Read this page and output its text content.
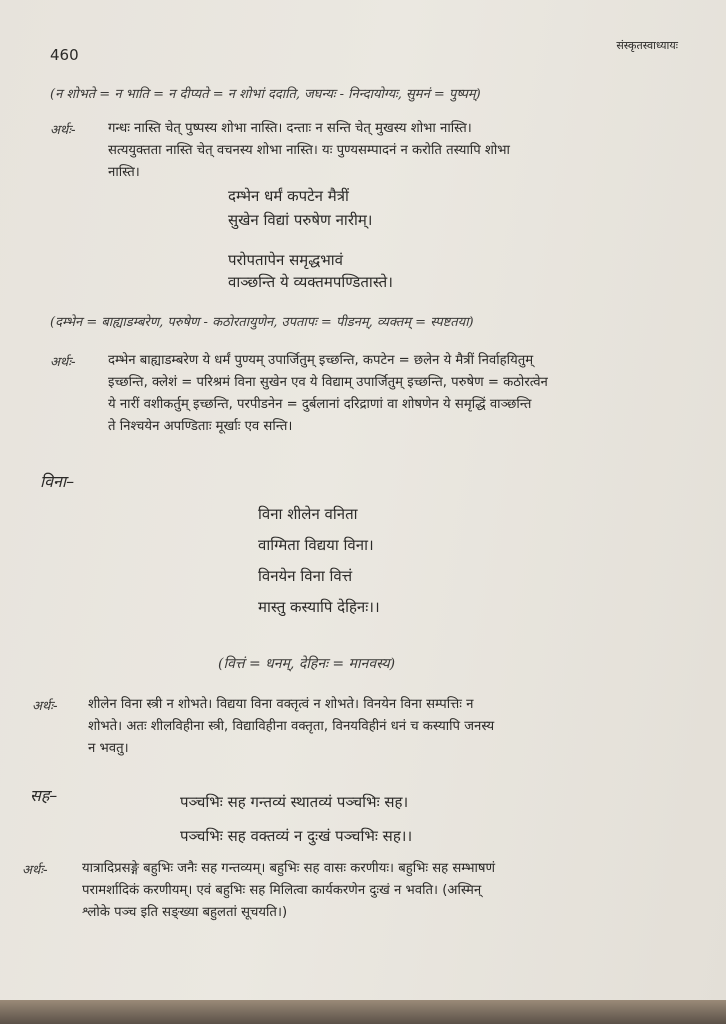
460
संस्कृतस्वाध्यायः
(न शोभते = न भाति = न दीप्यते = न शोभां ददाति, जघन्यः - निन्दायोग्यः, सुमनं = पुष्पम्)
अर्थः- गन्धः नास्ति चेत् पुष्पस्य शोभा नास्ति। दन्ताः न सन्ति चेत् मुखस्य शोभा नास्ति।
सत्ययुक्तता नास्ति चेत् वचनस्य शोभा नास्ति। यः पुण्यसम्पादनं न करोति तस्यापि शोभा
नास्ति।
दम्भेन धर्मं कपटेन मैत्रीं
सुखेन विद्यां परुषेण नारीम्।
परोपतापेन समृद्धभावं
वाञ्छन्ति ये व्यक्तमपण्डितास्ते।
(दम्भेन = बाह्याडम्बरेण, परुषेण - कठोरतायुणेन, उपतापः = पीडनम्, व्यक्तम् = स्पष्टतया)
अर्थः- दम्भेन बाह्याडम्बरेण ये धर्मं पुण्यम् उपार्जितुम् इच्छन्ति, कपटेन = छलेन ये मैत्रीं निर्वाहयितुम्
इच्छन्ति, क्लेशं = परिश्रमं विना सुखेन एव ये विद्याम् उपार्जितुम् इच्छन्ति, परुषेण = कठोरत्वेन
ये नारीं वशीकर्तुम् इच्छन्ति, परपीडनेन = दुर्बलानां दरिद्राणां वा शोषणेन ये समृद्धिं वाञ्छन्ति
ते निश्चयेन अपण्डिताः मूर्खाः एव सन्ति।
विना–
विना शीलेन वनिता
वाग्मिता विद्यया विना।
विनयेन विना वित्तं
मास्तु कस्यापि देहिनः।।
(वित्तं = धनम्, देहिनः = मानवस्य)
अर्थः- शीलेन विना स्त्री न शोभते। विद्यया विना वक्तृत्वं न शोभते। विनयेन विना सम्पत्तिः न
शोभते। अतः शीलविहीना स्त्री, विद्याविहीना वक्तृता, विनयविहीनं धनं च कस्यापि जनस्य
न भवतु।
सह–	पञ्चभिः सह गन्तव्यं स्थातव्यं पञ्चभिः सह।
पञ्चभिः सह वक्तव्यं न दुःखं पञ्चभिः सह।।
अर्थः-	यात्रादिप्रसङ्गे बहुभिः जनैः सह गन्तव्यम्। बहुभिः सह वासः करणीयः। बहुभिः सह सम्भाषणं
परामर्शादिकं करणीयम्। एवं बहुभिः सह मिलित्वा कार्यकरणेन दुःखं न भवति। (अस्मिन्
श्लोके पञ्च इति सङ्ख्या बहुलतां सूचयति।)
